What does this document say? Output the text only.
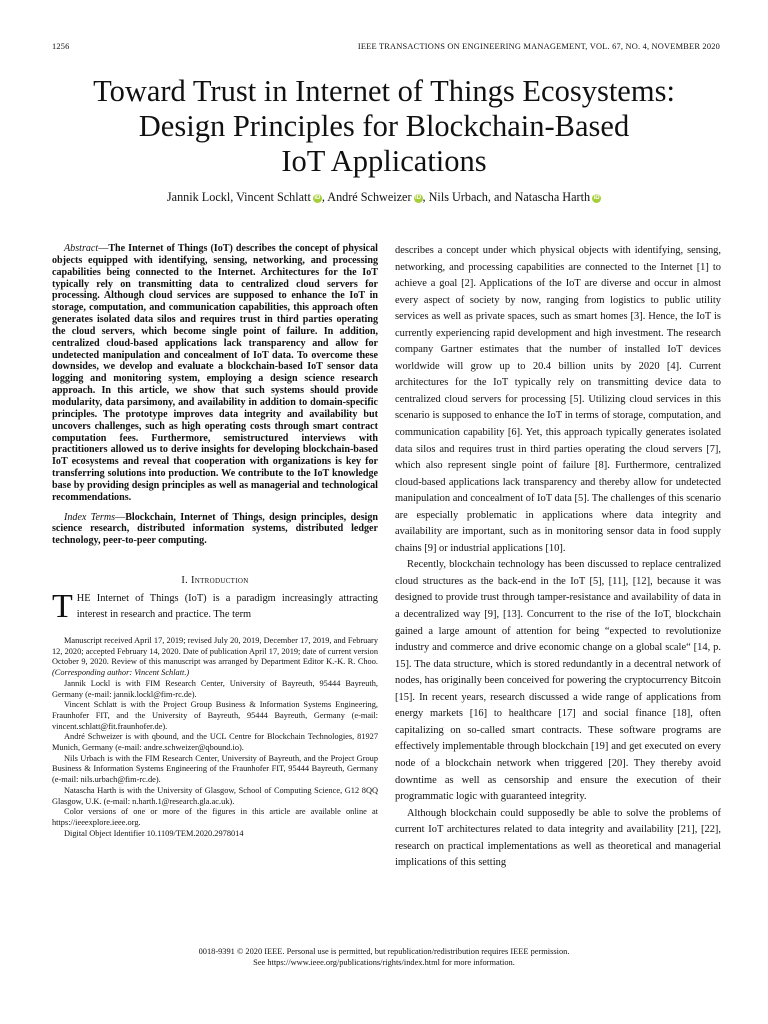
1256	IEEE TRANSACTIONS ON ENGINEERING MANAGEMENT, VOL. 67, NO. 4, NOVEMBER 2020
Toward Trust in Internet of Things Ecosystems:
Design Principles for Blockchain-Based
IoT Applications
Jannik Lockl, Vincent Schlatt iD , André Schweizer iD , Nils Urbach, and Natascha Harth iD

Abstract—The Internet of Things (IoT) describes the concept of physical objects equipped with identifying, sensing, networking, and processing capabilities being connected to the Internet. Architectures for the IoT typically rely on transmitting data to centralized cloud servers for processing. Although cloud services are supposed to enhance the IoT in storage, computation, and communication capabilities, this approach often generates isolated data silos and requires trust in third parties operating the cloud servers, which become single point of failure. In addition, centralized cloud-based applications lack transparency and allow for undetected manipulation and concealment of IoT data. To overcome these downsides, we develop and evaluate a blockchain-based IoT sensor data logging and monitoring system, employing a design science research approach. In this article, we show that such systems should provide modularity, data parsimony, and availability in addition to domain-specific principles. The prototype improves data integrity and availability but uncovers challenges, such as high operating costs through smart contract computation fees. Furthermore, semistructured interviews with practitioners allowed us to derive insights for developing blockchain-based IoT ecosystems and reveal that cooperation with organizations is key for transferring solutions into production. We contribute to the IoT knowledge base by providing design principles as well as managerial and technological recommendations.

Index Terms—Blockchain, Internet of Things, design principles, design science research, distributed information systems, distributed ledger technology, peer-to-peer computing.

I. Introduction

THE Internet of Things (IoT) is a paradigm increasingly attracting interest in research and practice. The term

Manuscript received April 17, 2019; revised July 20, 2019, December 17, 2019, and February 12, 2020; accepted February 14, 2020. Date of publication April 17, 2019; date of current version October 9, 2020. Review of this manuscript was arranged by Department Editor K.-K. R. Choo. (Corresponding author: Vincent Schlatt.)

Jannik Lockl is with FIM Research Center, University of Bayreuth, 95444 Bayreuth, Germany (e-mail: jannik.lockl@fim-rc.de).

Vincent Schlatt is with the Project Group Business & Information Systems Engineering, Fraunhofer FIT, and the University of Bayreuth, 95444 Bayreuth, Germany (e-mail: vincent.schlatt@fit.fraunhofer.de).

André Schweizer is with qbound, and the UCL Centre for Blockchain Technologies, 81927 Munich, Germany (e-mail: andre.schweizer@qbound.io).

Nils Urbach is with the FIM Research Center, University of Bayreuth, and the Project Group Business & Information Systems Engineering of the Fraunhofer FIT, 95444 Bayreuth, Germany (e-mail: nils.urbach@fim-rc.de).

Natascha Harth is with the University of Glasgow, School of Computing Science, G12 8QQ Glasgow, U.K. (e-mail: n.harth.1@research.gla.ac.uk).

Color versions of one or more of the figures in this article are available online at https://ieeexplore.ieee.org.

Digital Object Identifier 10.1109/TEM.2020.2978014

describes a concept under which physical objects with identifying, sensing, networking, and processing capabilities are connected to the Internet [1] to achieve a goal [2]. Applications of the IoT are diverse and occur in almost every aspect of society by now, ranging from logistics to public utility services as well as private spaces, such as smart homes [3]. Hence, the IoT is currently experiencing rapid development and high investment. The research company Gartner estimates that the number of installed IoT devices worldwide will grow up to 20.4 billion units by 2020 [4]. Current architectures for the IoT typically rely on transmitting device data to centralized cloud servers for processing [5]. Utilizing cloud services in this scenario is supposed to enhance the IoT in terms of storage, computation, and communication capability [6]. Yet, this approach typically generates isolated data silos and requires trust in third parties operating the cloud servers [7], which also represent single point of failure [8]. Furthermore, centralized cloud-based applications lack transparency and thereby allow for undetected manipulation and concealment of IoT data [5]. The challenges of this scenario are especially problematic in applications where data integrity and availability are important, such as in monitoring sensor data in food supply chains [9] or industrial applications [10].

Recently, blockchain technology has been discussed to replace centralized cloud structures as the back-end in the IoT [5], [11], [12], because it was designed to provide trust through tamper-resistance and availability of data in a decentralized way [9], [13]. Concurrent to the rise of the IoT, blockchain gained a large amount of attention for being “expected to revolutionize industry and commerce and drive economic change on a global scale“ [14, p. 15]. The data structure, which is stored redundantly in a decentral network of nodes, has originally been conceived for powering the cryptocurrency Bitcoin [15]. In recent years, research discussed a wide range of applications from energy markets [16] to healthcare [17] and social finance [18], often capitalizing on so-called smart contracts. These software programs are effectively implementable through blockchain [19] and get executed on every node of a blockchain network when triggered [20]. They thereby avoid downtime as well as censorship and ensure the execution of their programmatic logic with guaranteed integrity.

Although blockchain could supposedly be able to solve the problems of current IoT architectures related to data integrity and availability [21], [22], research on practical implementations as well as theoretical and managerial implications of this setting

0018-9391 © 2020 IEEE. Personal use is permitted, but republication/redistribution requires IEEE permission.
See https://www.ieee.org/publications/rights/index.html for more information.
